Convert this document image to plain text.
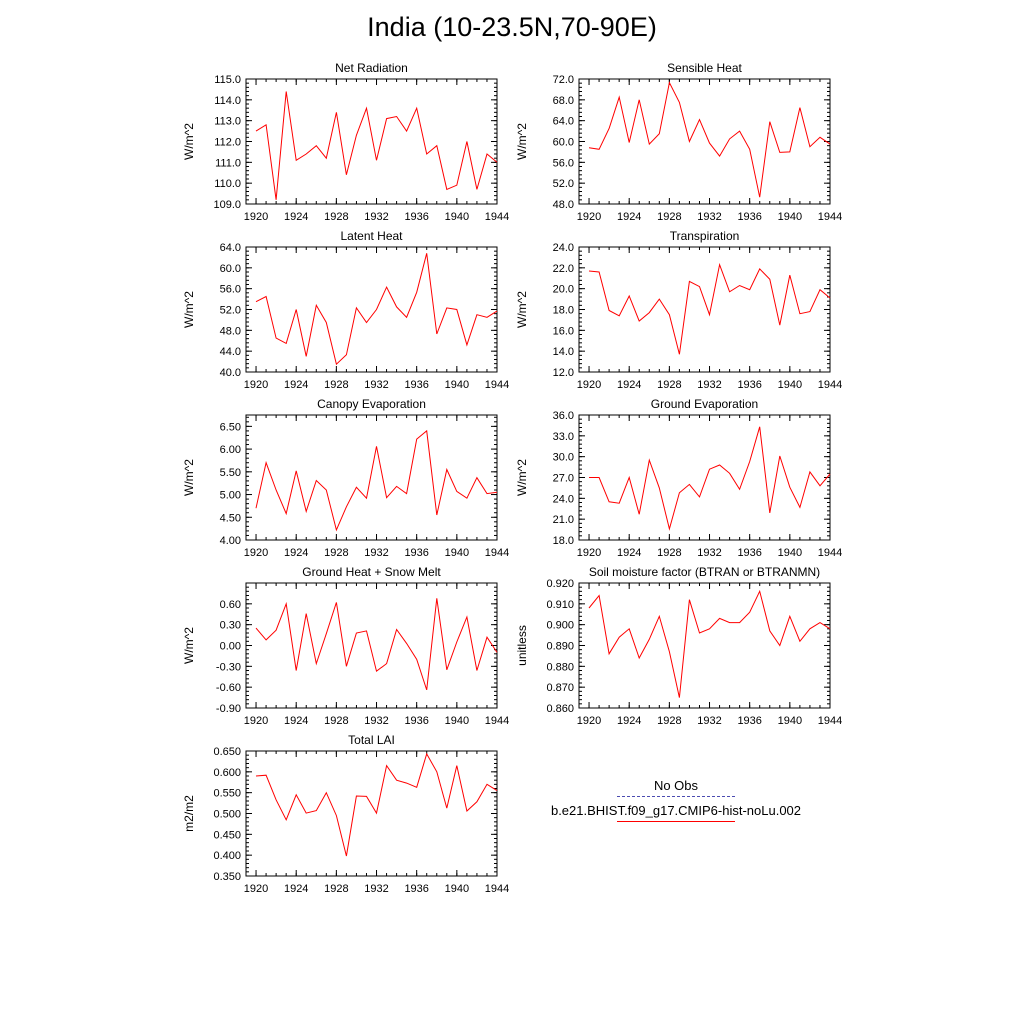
India (10-23.5N,70-90E)
Net Radiation
W/m^2
1920 1924 1928 1932 1936 1940 1944
109.0
110.0
111.0
112.0
113.0
114.0
115.0
Sensible Heat
W/m^2
1920 1924 1928 1932 1936 1940 1944
48.0
52.0
56.0
60.0
64.0
68.0
72.0
Latent Heat
W/m^2
1920 1924 1928 1932 1936 1940 1944
40.0
44.0
48.0
52.0
56.0
60.0
64.0
Transpiration
W/m^2
1920 1924 1928 1932 1936 1940 1944
12.0
14.0
16.0
18.0
20.0
22.0
24.0
Canopy Evaporation
W/m^2
1920 1924 1928 1932 1936 1940 1944
4.00
4.50
5.00
5.50
6.00
6.50
Ground Evaporation
W/m^2
1920 1924 1928 1932 1936 1940 1944
18.0
21.0
24.0
27.0
30.0
33.0
36.0
Ground Heat + Snow Melt
W/m^2
1920 1924 1928 1932 1936 1940 1944
-0.90
-0.60
-0.30
0.00
0.30
0.60
Soil moisture factor (BTRAN or BTRANMN)
unitless
1920 1924 1928 1932 1936 1940 1944
0.860
0.870
0.880
0.890
0.900
0.910
0.920
Total LAI
m2/m2
1920 1924 1928 1932 1936 1940 1944
0.350
0.400
0.450
0.500
0.550
0.600
0.650
No Obs
b.e21.BHIST.f09_g17.CMIP6-hist-noLu.002
